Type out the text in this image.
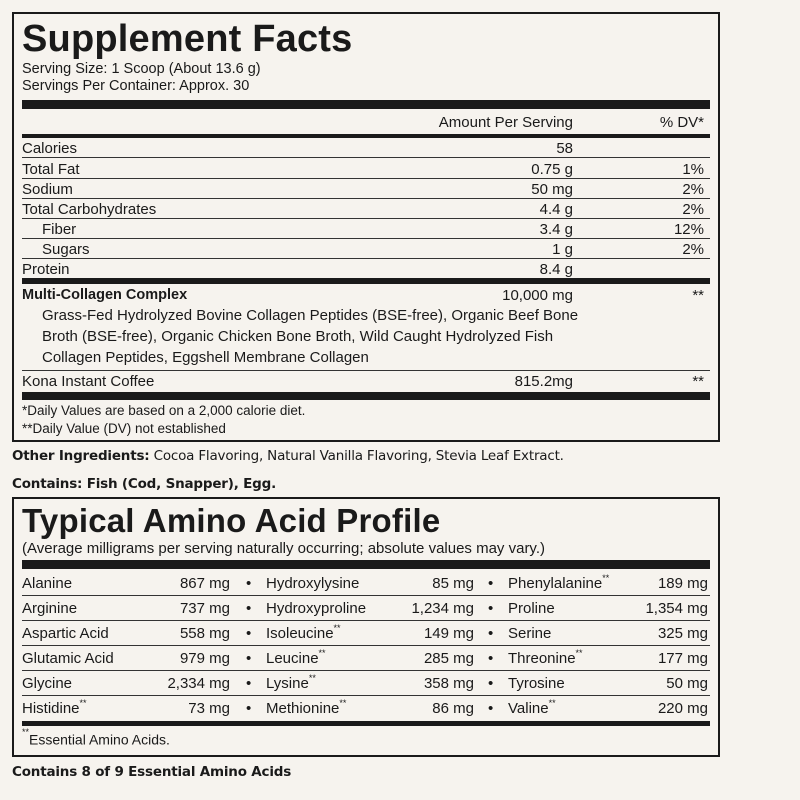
Supplement Facts
Serving Size: 1 Scoop (About 13.6 g)
Servings Per Container: Approx. 30
Amount Per Serving	% DV*
Calories	58
Total Fat	0.75 g	1%
Sodium	50 mg	2%
Total Carbohydrates	4.4 g	2%
Fiber	3.4 g	12%
Sugars	1 g	2%
Protein	8.4 g
Multi-Collagen Complex	10,000 mg	**
Grass-Fed Hydrolyzed Bovine Collagen Peptides (BSE-free), Organic Beef Bone
Broth (BSE-free), Organic Chicken Bone Broth, Wild Caught Hydrolyzed Fish
Collagen Peptides, Eggshell Membrane Collagen
Kona Instant Coffee	815.2mg	**
*Daily Values are based on a 2,000 calorie diet.
**Daily Value (DV) not established
Other Ingredients: Cocoa Flavoring, Natural Vanilla Flavoring, Stevia Leaf Extract.
Contains: Fish (Cod, Snapper), Egg.
Typical Amino Acid Profile
(Average milligrams per serving naturally occurring; absolute values may vary.)
Alanine	867 mg • Hydroxylysine	85 mg • Phenylalanine**	189 mg
Arginine	737 mg • Hydroxyproline	1,234 mg • Proline	1,354 mg
Aspartic Acid	558 mg • Isoleucine**	149 mg • Serine	325 mg
Glutamic Acid	979 mg • Leucine**	285 mg • Threonine**	177 mg
Glycine	2,334 mg • Lysine**	358 mg • Tyrosine	50 mg
Histidine**	73 mg • Methionine**	86 mg • Valine**	220 mg
**Essential Amino Acids.
Contains 8 of 9 Essential Amino Acids
